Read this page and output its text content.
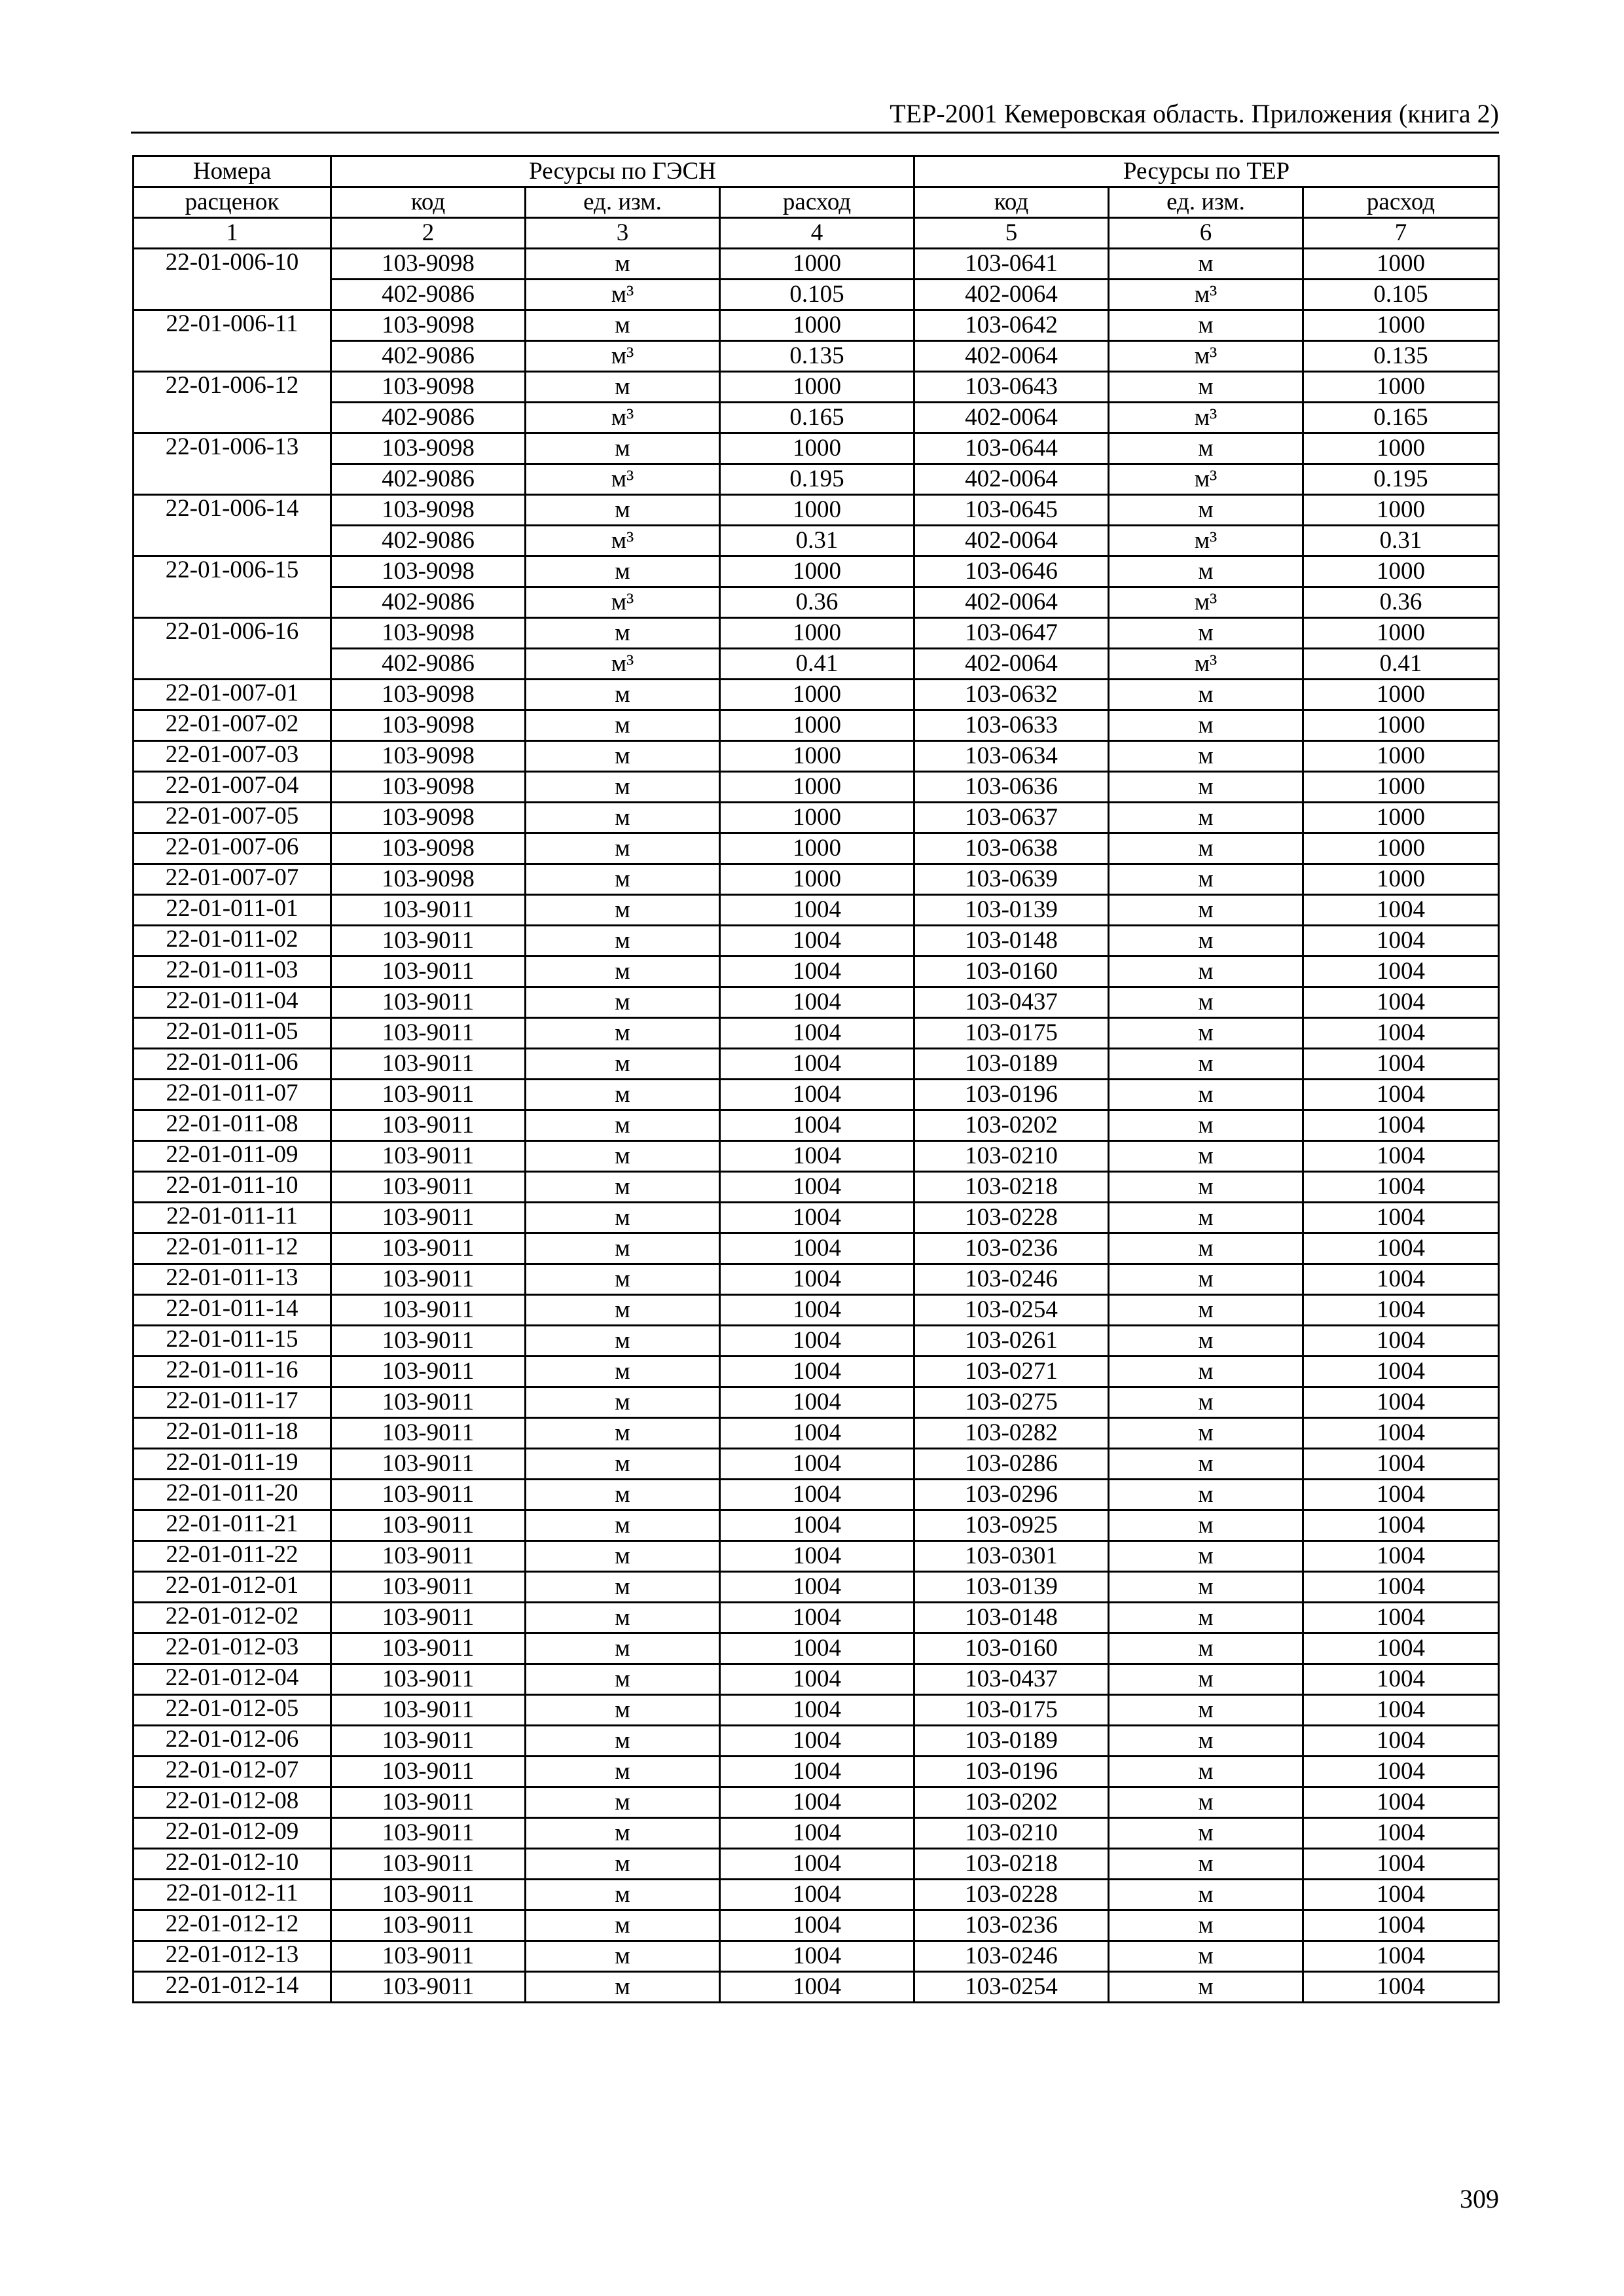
ТЕР-2001 Кемеровская область. Приложения (книга 2)
Номера	Ресурсы по ГЭСН			Ресурсы по ТЕР		
расценок	код	ед. изм.	расход	код	ед. изм.	расход
1	2	3	4	5	6	7
22-01-006-10	103-9098	м	1000	103-0641	м	1000
	402-9086	м³	0.105	402-0064	м³	0.105
22-01-006-11	103-9098	м	1000	103-0642	м	1000
	402-9086	м³	0.135	402-0064	м³	0.135
22-01-006-12	103-9098	м	1000	103-0643	м	1000
	402-9086	м³	0.165	402-0064	м³	0.165
22-01-006-13	103-9098	м	1000	103-0644	м	1000
	402-9086	м³	0.195	402-0064	м³	0.195
22-01-006-14	103-9098	м	1000	103-0645	м	1000
	402-9086	м³	0.31	402-0064	м³	0.31
22-01-006-15	103-9098	м	1000	103-0646	м	1000
	402-9086	м³	0.36	402-0064	м³	0.36
22-01-006-16	103-9098	м	1000	103-0647	м	1000
	402-9086	м³	0.41	402-0064	м³	0.41
22-01-007-01	103-9098	м	1000	103-0632	м	1000
22-01-007-02	103-9098	м	1000	103-0633	м	1000
22-01-007-03	103-9098	м	1000	103-0634	м	1000
22-01-007-04	103-9098	м	1000	103-0636	м	1000
22-01-007-05	103-9098	м	1000	103-0637	м	1000
22-01-007-06	103-9098	м	1000	103-0638	м	1000
22-01-007-07	103-9098	м	1000	103-0639	м	1000
22-01-011-01	103-9011	м	1004	103-0139	м	1004
22-01-011-02	103-9011	м	1004	103-0148	м	1004
22-01-011-03	103-9011	м	1004	103-0160	м	1004
22-01-011-04	103-9011	м	1004	103-0437	м	1004
22-01-011-05	103-9011	м	1004	103-0175	м	1004
22-01-011-06	103-9011	м	1004	103-0189	м	1004
22-01-011-07	103-9011	м	1004	103-0196	м	1004
22-01-011-08	103-9011	м	1004	103-0202	м	1004
22-01-011-09	103-9011	м	1004	103-0210	м	1004
22-01-011-10	103-9011	м	1004	103-0218	м	1004
22-01-011-11	103-9011	м	1004	103-0228	м	1004
22-01-011-12	103-9011	м	1004	103-0236	м	1004
22-01-011-13	103-9011	м	1004	103-0246	м	1004
22-01-011-14	103-9011	м	1004	103-0254	м	1004
22-01-011-15	103-9011	м	1004	103-0261	м	1004
22-01-011-16	103-9011	м	1004	103-0271	м	1004
22-01-011-17	103-9011	м	1004	103-0275	м	1004
22-01-011-18	103-9011	м	1004	103-0282	м	1004
22-01-011-19	103-9011	м	1004	103-0286	м	1004
22-01-011-20	103-9011	м	1004	103-0296	м	1004
22-01-011-21	103-9011	м	1004	103-0925	м	1004
22-01-011-22	103-9011	м	1004	103-0301	м	1004
22-01-012-01	103-9011	м	1004	103-0139	м	1004
22-01-012-02	103-9011	м	1004	103-0148	м	1004
22-01-012-03	103-9011	м	1004	103-0160	м	1004
22-01-012-04	103-9011	м	1004	103-0437	м	1004
22-01-012-05	103-9011	м	1004	103-0175	м	1004
22-01-012-06	103-9011	м	1004	103-0189	м	1004
22-01-012-07	103-9011	м	1004	103-0196	м	1004
22-01-012-08	103-9011	м	1004	103-0202	м	1004
22-01-012-09	103-9011	м	1004	103-0210	м	1004
22-01-012-10	103-9011	м	1004	103-0218	м	1004
22-01-012-11	103-9011	м	1004	103-0228	м	1004
22-01-012-12	103-9011	м	1004	103-0236	м	1004
22-01-012-13	103-9011	м	1004	103-0246	м	1004
22-01-012-14	103-9011	м	1004	103-0254	м	1004
309
